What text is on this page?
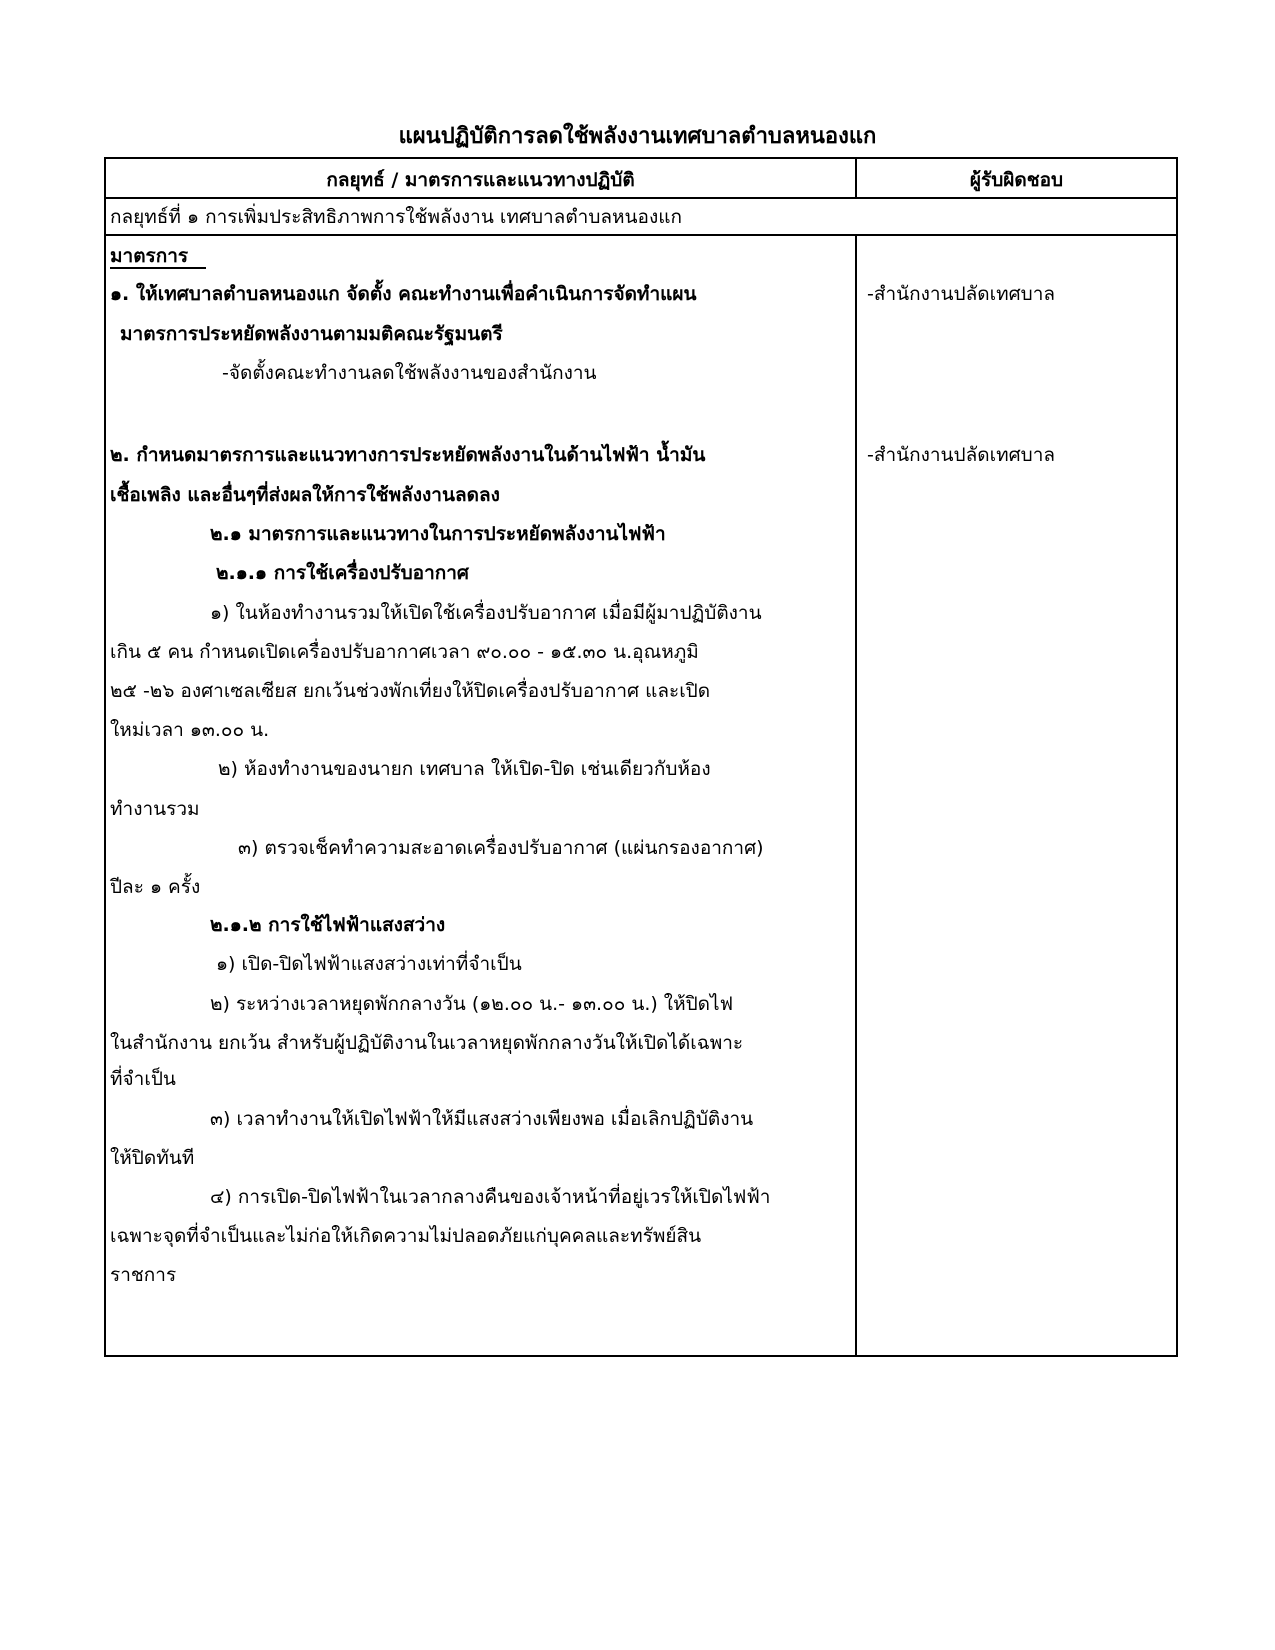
แผนปฏิบัติการลดใช้พลังงานเทศบาลตำบลหนองแก
กลยุทธ์ / มาตรการและแนวทางปฏิบัติ	ผู้รับผิดชอบ
กลยุทธ์ที่ ๑ การเพิ่มประสิทธิภาพการใช้พลังงาน เทศบาลตำบลหนองแก
มาตรการ
๑. ให้เทศบาลตำบลหนองแก จัดตั้ง คณะทำงานเพื่อคำเนินการจัดทำแผน
มาตรการประหยัดพลังงานตามมติคณะรัฐมนตรี
-จัดตั้งคณะทำงานลดใช้พลังงานของสำนักงาน
๒. กำหนดมาตรการและแนวทางการประหยัดพลังงานในด้านไฟฟ้า น้ำมัน
เชื้อเพลิง และอื่นๆที่ส่งผลให้การใช้พลังงานลดลง
๒.๑ มาตรการและแนวทางในการประหยัดพลังงานไฟฟ้า
๒.๑.๑ การใช้เครื่องปรับอากาศ
๑) ในห้องทำงานรวมให้เปิดใช้เครื่องปรับอากาศ เมื่อมีผู้มาปฏิบัติงาน
เกิน ๕ คน กำหนดเปิดเครื่องปรับอากาศเวลา ๙๐.๐๐ - ๑๕.๓๐ น.อุณหภูมิ
๒๕ -๒๖ องศาเซลเซียส ยกเว้นช่วงพักเที่ยงให้ปิดเครื่องปรับอากาศ และเปิด
ใหม่เวลา ๑๓.๐๐ น.
๒) ห้องทำงานของนายก เทศบาล ให้เปิด-ปิด เช่นเดียวกับห้อง
ทำงานรวม
๓) ตรวจเช็คทำความสะอาดเครื่องปรับอากาศ (แผ่นกรองอากาศ)
ปีละ ๑ ครั้ง
๒.๑.๒ การใช้ไฟฟ้าแสงสว่าง
๑) เปิด-ปิดไฟฟ้าแสงสว่างเท่าที่จำเป็น
๒) ระหว่างเวลาหยุดพักกลางวัน (๑๒.๐๐ น.- ๑๓.๐๐ น.) ให้ปิดไฟ
ในสำนักงาน ยกเว้น สำหรับผู้ปฏิบัติงานในเวลาหยุดพักกลางวันให้เปิดได้เฉพาะ
ที่จำเป็น
๓) เวลาทำงานให้เปิดไฟฟ้าให้มีแสงสว่างเพียงพอ เมื่อเลิกปฏิบัติงาน
ให้ปิดทันที
๔) การเปิด-ปิดไฟฟ้าในเวลากลางคืนของเจ้าหน้าที่อยู่เวรให้เปิดไฟฟ้า
เฉพาะจุดที่จำเป็นและไม่ก่อให้เกิดความไม่ปลอดภัยแก่บุคคลและทรัพย์สิน
ราชการ
-สำนักงานปลัดเทศบาล
-สำนักงานปลัดเทศบาล
